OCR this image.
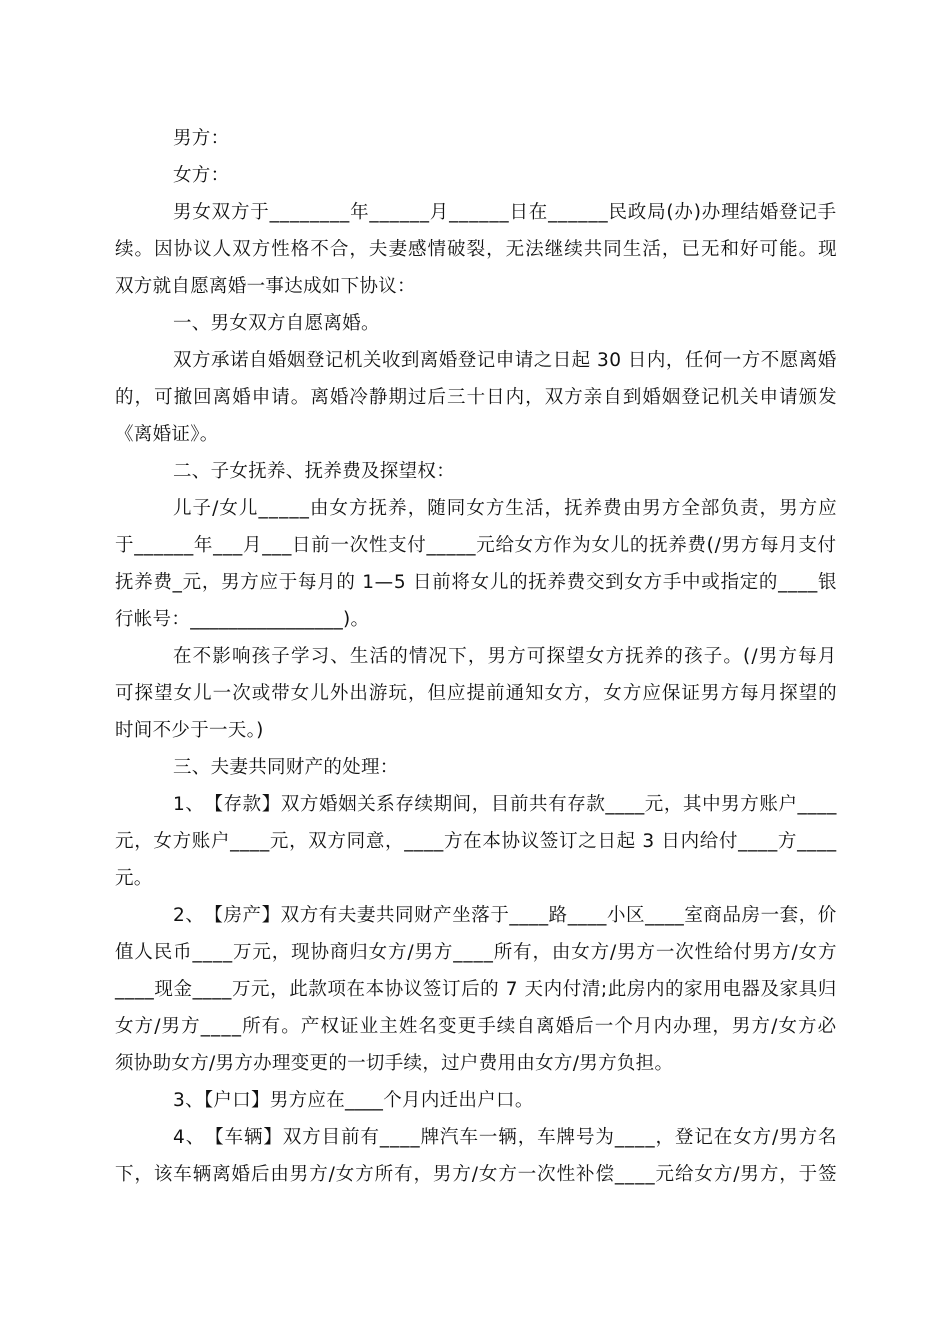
男方：
女方：
男 女 双 方 于 _ _ _ _ _ _ _ _ 年 _ _ _ _ _ _ 月 _ _ _ _ _ _ 日 在 _ _ _ _ _ _ 民 政 局 ( 办 ) 办 理 结 婚 登 记 手
续 。 因 协 议 人 双 方 性 格 不 合 ， 夫 妻 感 情 破 裂 ， 无 法 继 续 共 同 生 活 ， 已 无 和 好 可 能 。 现
双方就自愿离婚一事达成如下协议：
一、男女双方自愿离婚。
双 方 承 诺 自 婚 姻 登 记 机 关 收 到 离 婚 登 记 申 请 之 日 起
3 0
日 内 ， 任 何 一 方 不 愿 离 婚
的 ， 可 撤 回 离 婚 申 请 。 离 婚 冷 静 期 过 后 三 十 日 内 ， 双 方 亲 自 到 婚 姻 登 记 机 关 申 请 颁 发
《离婚证》。
二、子女抚养、抚养费及探望权：
儿 子 / 女 儿 _ _ _ _ _ 由 女 方 抚 养 ， 随 同 女 方 生 活 ， 抚 养 费 由 男 方 全 部 负 责 ， 男 方 应
于 _ _ _ _ _ _ 年 _ _ _ 月 _ _ _ 日 前 一 次 性 支 付 _ _ _ _ _ 元 给 女 方 作 为 女 儿 的 抚 养 费 ( / 男 方 每 月 支 付
抚 养 费 _ 元 ， 男 方 应 于 每 月 的
1 — 5
日 前 将 女 儿 的 抚 养 费 交 到 女 方 手 中 或 指 定 的 _ _ _ _ 银
行帐号：________________)。
在 不 影 响 孩 子 学 习 、 生 活 的 情 况 下 ， 男 方 可 探 望 女 方 抚 养 的 孩 子 。 ( / 男 方 每 月
可 探 望 女 儿 一 次 或 带 女 儿 外 出 游 玩 ， 但 应 提 前 通 知 女 方 ， 女 方 应 保 证 男 方 每 月 探 望 的
时间不少于一天。)
三、夫妻共同财产的处理：
1 、 【 存 款 】 双 方 婚 姻 关 系 存 续 期 间 ， 目 前 共 有 存 款 _ _ _ _ 元 ， 其 中 男 方 账 户 _ _ _ _
元 ， 女 方 账 户 _ _ _ _ 元 ， 双 方 同 意 ， _ _ _ _ 方 在 本 协 议 签 订 之 日 起
3
日 内 给 付 _ _ _ _ 方 _ _ _ _
元。
2 、 【 房 产 】 双 方 有 夫 妻 共 同 财 产 坐 落 于 _ _ _ _ 路 _ _ _ _ 小 区 _ _ _ _ 室 商 品 房 一 套 ， 价
值 人 民 币 _ _ _ _ 万 元 ， 现 协 商 归 女 方 / 男 方 _ _ _ _ 所 有 ， 由 女 方 / 男 方 一 次 性 给 付 男 方 / 女 方
_ _ _ _ 现 金 _ _ _ _ 万 元 ， 此 款 项 在 本 协 议 签 订 后 的
7
天 内 付 清 ; 此 房 内 的 家 用 电 器 及 家 具 归
女 方 / 男 方 _ _ _ _ 所 有 。 产 权 证 业 主 姓 名 变 更 手 续 自 离 婚 后 一 个 月 内 办 理 ， 男 方 / 女 方 必
须协助女方/男方办理变更的一切手续，过户费用由女方/男方负担。
3、【户口】男方应在____个月内迁出户口。
4 、 【 车 辆 】 双 方 目 前 有 _ _ _ _ 牌 汽 车 一 辆 ， 车 牌 号 为 _ _ _ _ ， 登 记 在 女 方 / 男 方 名
下 ， 该 车 辆 离 婚 后 由 男 方 / 女 方 所 有 ， 男 方 / 女 方 一 次 性 补 偿 _ _ _ _ 元 给 女 方 / 男 方 ， 于 签
